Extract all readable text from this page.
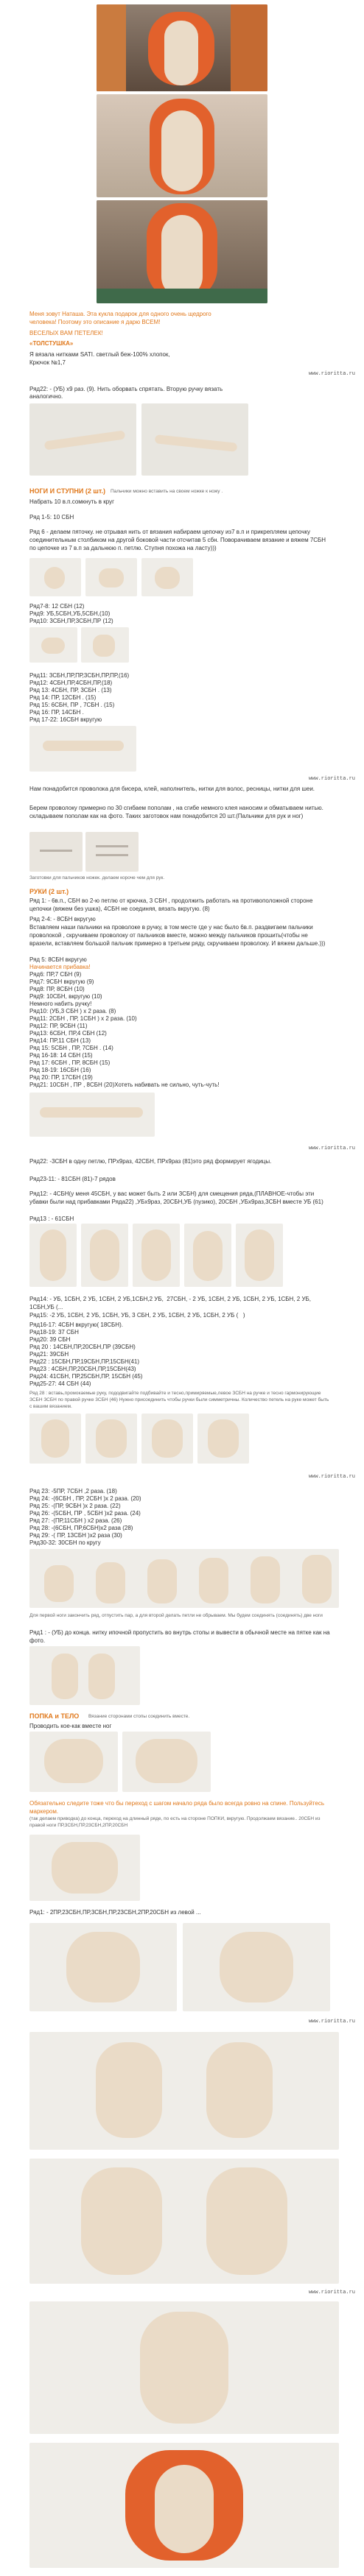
Меня зовут Наташа. Эта кукла подарок для одного очень щедрого
человека! Поэтому это описание я дарю ВСЕМ!
ВЕСЕЛЫХ ВАМ ПЕТЕЛЕК!
«ТОЛСТУШКА»
Я вязала нитками SATI. светлый беж-100% хлопок,
Крючок №1,7
www.rioritta.ru
Ряд22: - (УБ) х9 раз. (9). Нить оборвать спрятать. Вторую ручку вязать
аналогично.
НОГИ И СТУПНИ (2 шт.) Пальчики можно вставить на своем ножке к ножу .
Набрать 10 в.п.сомкнуть в круг
Ряд 1-5: 10 СБН
Ряд 6 - делаем пяточку. не отрывая нить от вязания набираем цепочку из7 в.п и прикрепляем цепочку соединительным столбиком на другой боковой части отсчитав 5 сбн. Поворачиваем вязание и вяжем 7СБН по цепочке из 7 в.п за дальнюю п. петлю. Ступня похожа на ласту)))
Ряд7-8: 12 СБН (12)
Ряд9: УБ,5СБН,УБ,5СБН,(10)
Ряд10: 3СБН,ПР,3СБН,ПР (12)
Ряд11: 3СБН,ПР,ПР,3СБН,ПР,ПР,(16)
Ряд12: 4СБН,ПР,4СБН,ПР,(18)
Ряд 13: 4СБН, ПР, 3СБН . (13)
Ряд 14: ПР, 12СБН . (15)
Ряд 15: 6СБН, ПР , 7СБН . (15)
Ряд 16: ПР, 14СБН .
Ряд 17-22: 16СБН вкругую
www.rioritta.ru
Нам понадобится проволока для бисера, клей, наполнитель, нитки для волос, ресницы, нитки для шеи.
Берем проволоку примерно по 30 сгибаем пополам , на сгибе немного клея наносим и обматываем нитью. складываем пополам как на фото. Таких заготовок нам понадобится 20 шт.(Пальчики для рук и ног)
Заготовки для пальчиков ножек. делаем короче чем для рук.
РУКИ (2 шт.)
Ряд 1: - 6в.п., СБН во 2-ю петлю от крючка, 3 СБН , продолжить работать на противоположной стороне цепочки (вяжем без ушка), 4СБН не соединяя, вязать вкругую. (8)
Ряд 2-4: - 8СБН вкругую
Вставляем наши пальчики на проволоке в ручку, в том месте где у нас было 6в.п. раздвигаем пальчики проволокой , скручиваем проволоку от пальчиков вместе, можно между пальчиков прошить(чтобы не вразели, вставляем большой пальчик примерно в третьем ряду, скручиваем проволоку. И вяжем дальше.)))
Ряд 5: 8СБН вкругую
Начинается прибавка!
Ряд6: ПР,7 СБН (9)
Ряд7: 9СБН вкругую (9)
Ряд8: ПР, 8СБН (10)
Ряд9: 10СБН, вкругую (10)
Немного набить ручку!
Ряд10: (УБ,3 СБН ) х 2 раза. (8)
Ряд11: 2СБН , ПР, 1СБН ) х 2 раза. (10)
Ряд12: ПР, 9СБН (11)
Ряд13: 6СБН, ПР,4 СБН (12)
Ряд14: ПР,11 СБН (13)
Ряд 15: 5СБН , ПР, 7СБН . (14)
Ряд 16-18: 14 СБН (15)
Ряд 17: 6СБН , ПР, 8СБН (15)
Ряд 18-19: 16СБН (16)
Ряд 20: ПР, 17СБН (19)
Ряд21: 10СБН , ПР , 8СБН (20)Хотеть набивать не сильно, чуть-чуть!
www.rioritta.ru
Ряд22: -3СБН в одну петлю, ПРх9раз, 42СБН, ПРх9раз (81)это ряд формирует ягодицы.
Ряд23-11: - 81СБН (81)-7 рядов
Ряд12: - 4СБН(у меня 45СБН, у вас может быть 2 или 3СБН) для смещения ряда,(ПЛАВНОЕ-чтобы эти убавки были над прибавками Ряда22) ,УБх9раз, 20СБН,УБ (пузико), 20СБН ,УБх9раз,3СБН вместе УБ (61)
Ряд13 : - 61СБН
Ряд14: - УБ, 1СБН, 2 УБ, 1СБН, 2 УБ,1СБН,2 УБ,  27СБН, - 2 УБ, 1СБН, 2 УБ, 1СБН, 2 УБ, 1СБН, 2 УБ, 1СБН,УБ (...
Ряд15: -2 УБ, 1СБН, 2 УБ, 1СБН, УБ, 3 СБН, 2 УБ, 1СБН, 2 УБ, 1СБН, 2 УБ (   )
Ряд16-17: 4СБН вкругую( 18СБН).
Ряд18-19: 37 СБН
Ряд20: 39 СБН
Ряд 20 : 14СБН,ПР,20СБН,ПР (39СБН)
Ряд21: 39СБН
Ряд22 : 15СБН,ПР,19СБН,ПР,15СБН(41)
Ряд23 : 4СБН,ПР,20СБН,ПР,15СБН(43)
Ряд24: 41СБН, ПР,25СБН,ПР, 15СБН (45)
Ряд25-27: 44 СБН (44)
Ряд 28 : вставь,промокаемые руку, пододвигайте подбивайте и тесно,примиряемые,левое ЗСБН на ручке и тесно гармонирующие ЗСБН ЗСБН по правой ручке 3СБН (46) Нужно присоединить чтобы ручки были симметричны. Количество петель на руке может быть с вашим вязанием.
www.rioritta.ru
Ряд 23: -5ПР, 7СБН ,2 раза. (18)
Ряд 24: -(6СБН , ПР, 2СБН )х 2 раза. (20)
Ряд 25: -(ПР, 9СБН )х 2 раза. (22)
Ряд 26: -(5СБН, ПР , 5СБН )х2 раза. (24)
Ряд 27: -(ПР,11СБН ) х2 раза. (26)
Ряд 28: -(6СБН, ПР,6СБН)х2 раза (28)
Ряд 29: -( ПР, 13СБН )х2 раза (30)
Ряд30-32: 30СБН по кругу
Для первой ноги закончить ряд, отпустить пар, а для второй делать петли не обрываем. Мы будем соединять (соединять) две ноги
Ряд1 : - (УБ) до конца. нитку ипочной пропустить во внутрь стопы и вывести в обычной месте на пятке как на фото.
ПОПКА и ТЕЛО Вязание сторонами стопы соединить вместе.
Проводить кое-как вместе ног
Обязательно следите тоже что бы переход с шагом начало ряда было всегда ровно на спине. Пользуйтесь маркером.
(так делаем приводка) до конца, переход на длинный ряде, по есть на стороне ПОПКИ, вкругую. Продолжаем вязание.. 20СБН из правой ноги ПР,3СБН,ПР,23СБН,2ПР,20СБН
Ряд1: - 2ПР,23СБН,ПР,3СБН,ПР,23СБН,2ПР,20СБН из левой ...
www.rioritta.ru
www.rioritta.ru
